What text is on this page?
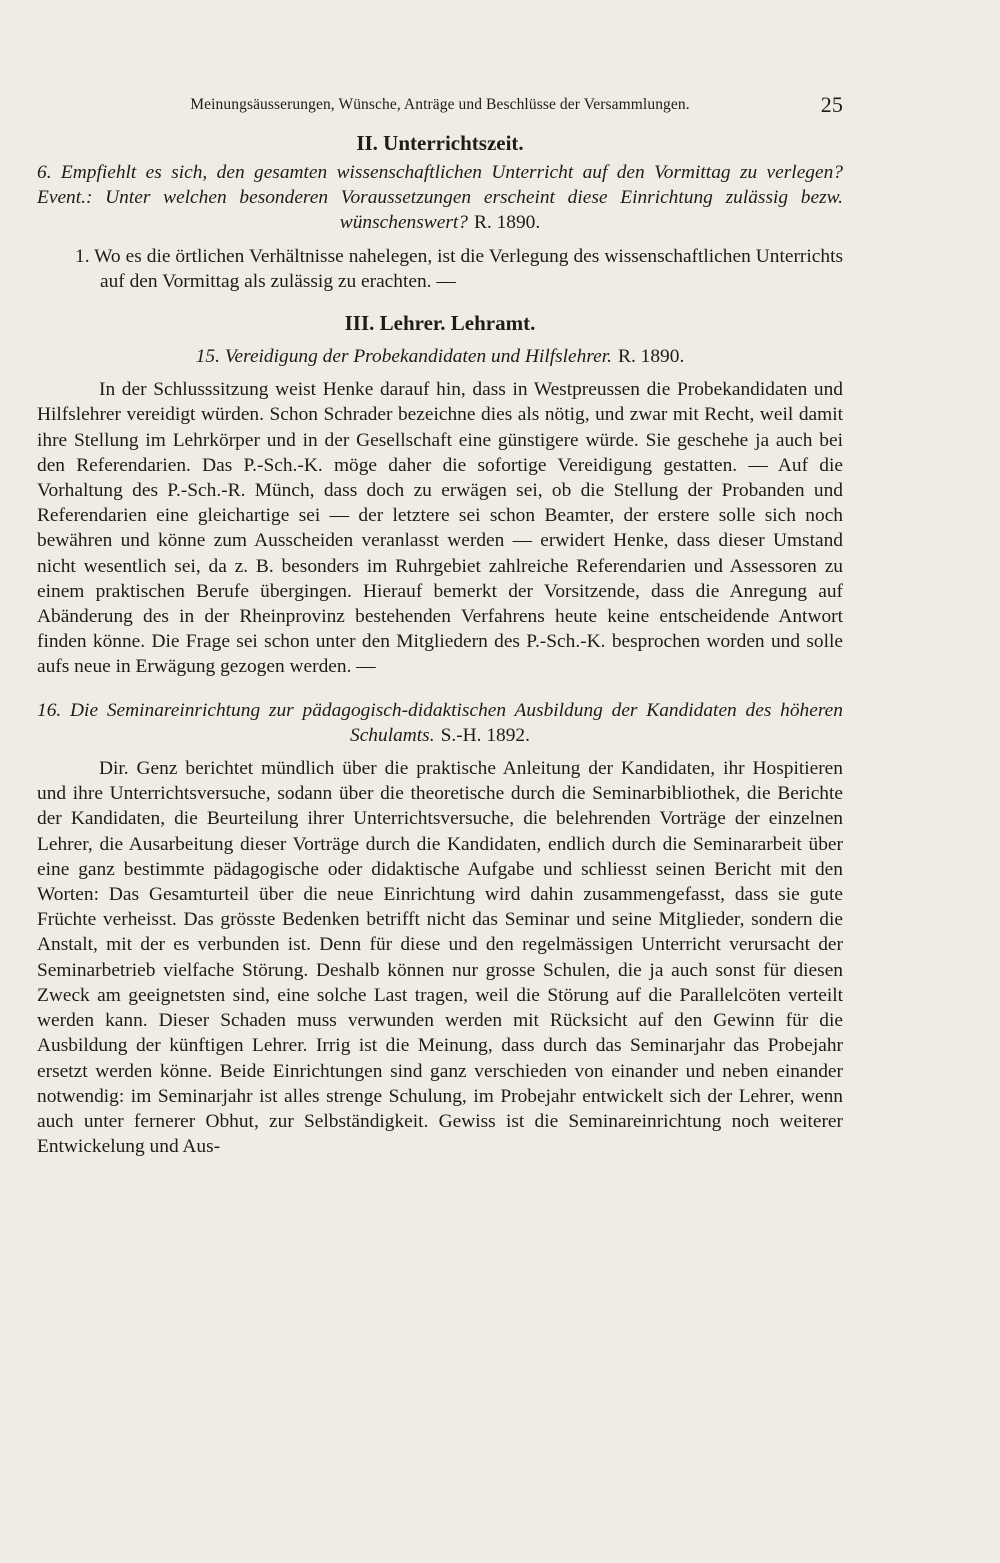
Meinungsäusserungen, Wünsche, Anträge und Beschlüsse der Versammlungen.	25
II. Unterrichtszeit.

6. Empfiehlt es sich, den gesamten wissenschaftlichen Unterricht auf den Vormittag zu verlegen? Event.: Unter welchen besonderen Voraussetzungen erscheint diese Einrichtung zulässig bezw. wünschenswert? R. 1890.

1. Wo es die örtlichen Verhältnisse nahelegen, ist die Verlegung des wissenschaftlichen Unterrichts auf den Vormittag als zulässig zu erachten. —

III. Lehrer. Lehramt.

15. Vereidigung der Probekandidaten und Hilfslehrer. R. 1890.

In der Schlusssitzung weist Henke darauf hin, dass in Westpreussen die Probekandidaten und Hilfslehrer vereidigt würden. Schon Schrader bezeichne dies als nötig, und zwar mit Recht, weil damit ihre Stellung im Lehrkörper und in der Gesellschaft eine günstigere würde. Sie geschehe ja auch bei den Referendarien. Das P.-Sch.-K. möge daher die sofortige Vereidigung gestatten. — Auf die Vorhaltung des P.-Sch.-R. Münch, dass doch zu erwägen sei, ob die Stellung der Probanden und Referendarien eine gleichartige sei — der letztere sei schon Beamter, der erstere solle sich noch bewähren und könne zum Ausscheiden veranlasst werden — erwidert Henke, dass dieser Umstand nicht wesentlich sei, da z. B. besonders im Ruhrgebiet zahlreiche Referendarien und Assessoren zu einem praktischen Berufe übergingen. Hierauf bemerkt der Vorsitzende, dass die Anregung auf Abänderung des in der Rheinprovinz bestehenden Verfahrens heute keine entscheidende Antwort finden könne. Die Frage sei schon unter den Mitgliedern des P.-Sch.-K. besprochen worden und solle aufs neue in Erwägung gezogen werden. —

16. Die Seminareinrichtung zur pädagogisch-didaktischen Ausbildung der Kandidaten des höheren Schulamts. S.-H. 1892.

Dir. Genz berichtet mündlich über die praktische Anleitung der Kandidaten, ihr Hospitieren und ihre Unterrichtsversuche, sodann über die theoretische durch die Seminarbibliothek, die Berichte der Kandidaten, die Beurteilung ihrer Unterrichtsversuche, die belehrenden Vorträge der einzelnen Lehrer, die Ausarbeitung dieser Vorträge durch die Kandidaten, endlich durch die Seminararbeit über eine ganz bestimmte pädagogische oder didaktische Aufgabe und schliesst seinen Bericht mit den Worten: Das Gesamturteil über die neue Einrichtung wird dahin zusammengefasst, dass sie gute Früchte verheisst. Das grösste Bedenken betrifft nicht das Seminar und seine Mitglieder, sondern die Anstalt, mit der es verbunden ist. Denn für diese und den regelmässigen Unterricht verursacht der Seminarbetrieb vielfache Störung. Deshalb können nur grosse Schulen, die ja auch sonst für diesen Zweck am geeignetsten sind, eine solche Last tragen, weil die Störung auf die Parallelcöten verteilt werden kann. Dieser Schaden muss verwunden werden mit Rücksicht auf den Gewinn für die Ausbildung der künftigen Lehrer. Irrig ist die Meinung, dass durch das Seminarjahr das Probejahr ersetzt werden könne. Beide Einrichtungen sind ganz verschieden von einander und neben einander notwendig: im Seminarjahr ist alles strenge Schulung, im Probejahr entwickelt sich der Lehrer, wenn auch unter fernerer Obhut, zur Selbständigkeit. Gewiss ist die Seminareinrichtung noch weiterer Entwickelung und Aus-
